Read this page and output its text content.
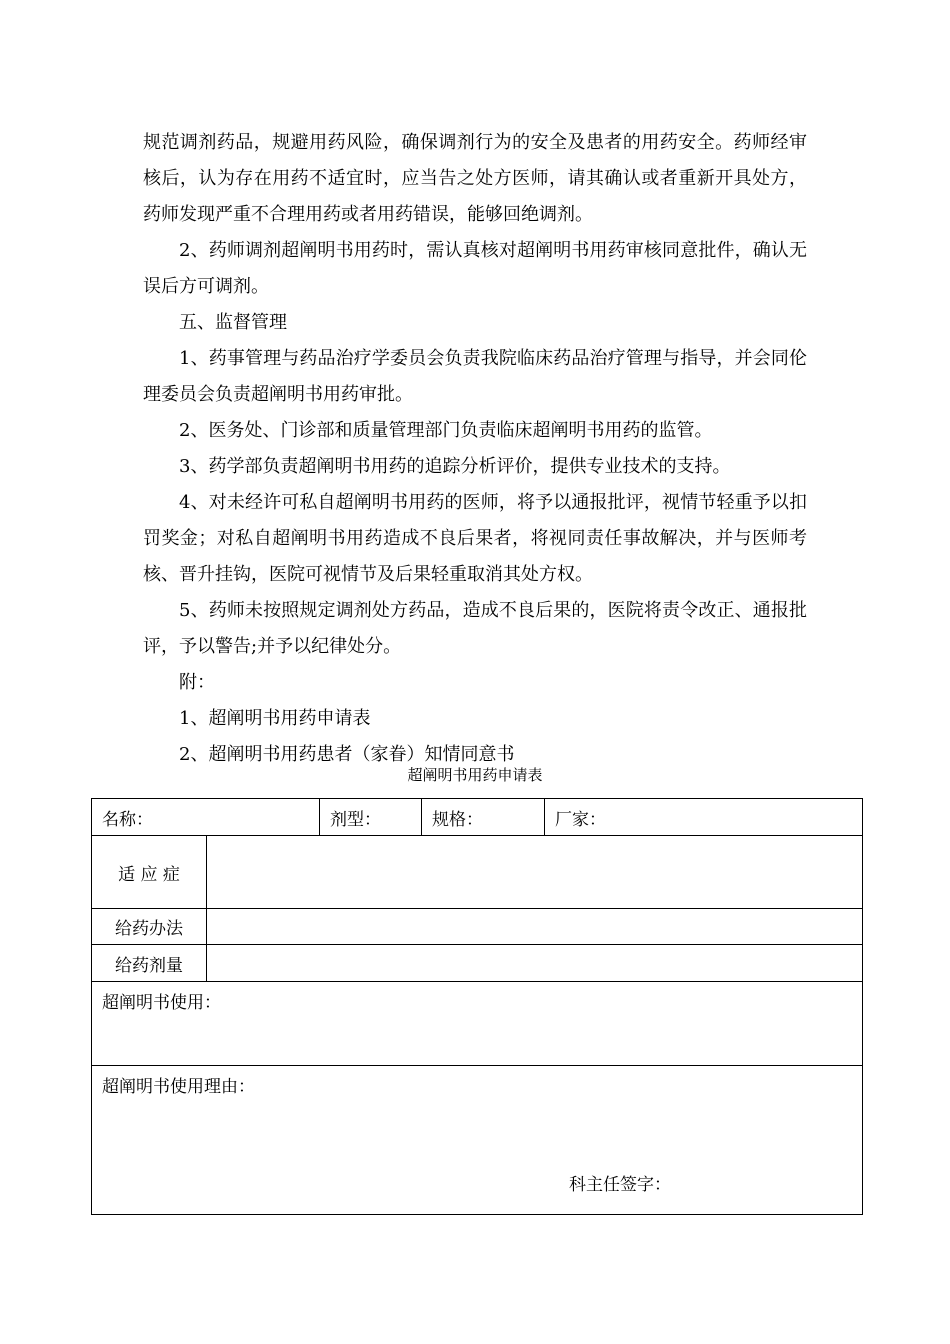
规范调剂药品，规避用药风险，确保调剂行为的安全及患者的用药安全。药师经审核后，认为存在用药不适宜时，应当告之处方医师，请其确认或者重新开具处方，药师发现严重不合理用药或者用药错误，能够回绝调剂。

2、药师调剂超阐明书用药时，需认真核对超阐明书用药审核同意批件，确认无误后方可调剂。

五、监督管理

1、药事管理与药品治疗学委员会负责我院临床药品治疗管理与指导，并会同伦理委员会负责超阐明书用药审批。

2、医务处、门诊部和质量管理部门负责临床超阐明书用药的监管。

3、药学部负责超阐明书用药的追踪分析评价，提供专业技术的支持。

4、对未经许可私自超阐明书用药的医师，将予以通报批评，视情节轻重予以扣罚奖金；对私自超阐明书用药造成不良后果者，将视同责任事故解决，并与医师考核、晋升挂钩，医院可视情节及后果轻重取消其处方权。

5、药师未按照规定调剂处方药品，造成不良后果的，医院将责令改正、通报批评，予以警告;并予以纪律处分。

附：

1、超阐明书用药申请表

2、超阐明书用药患者（家眷）知情同意书

超阐明书用药申请表
名称：		剂型：	规格：	厂家：
适 应 症				
给药办法				
给药剂量				
超阐明书使用：				
超阐明书使用理由：
科主任签字：				
